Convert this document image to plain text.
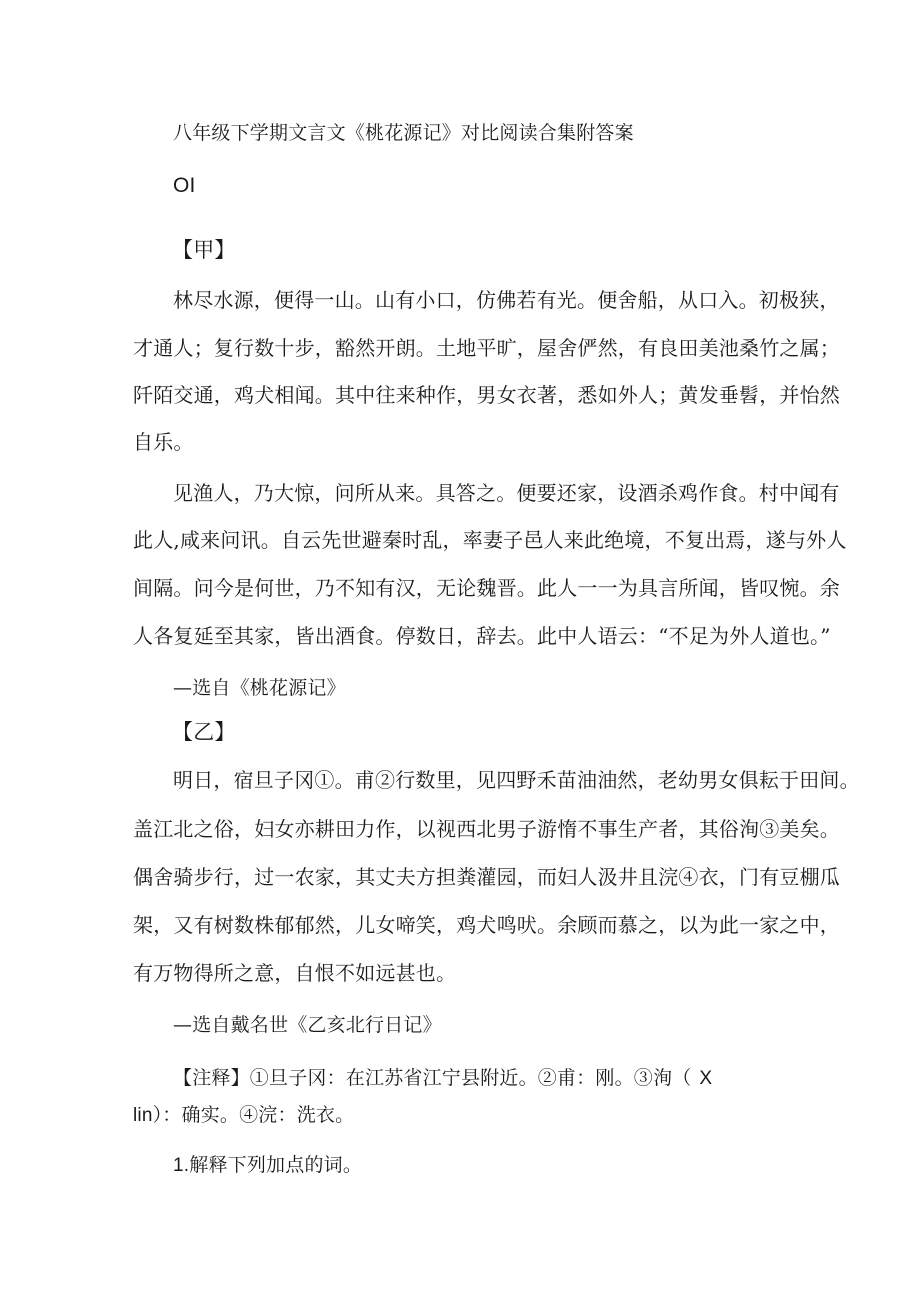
八年级下学期文言文《桃花源记》对比阅读合集附答案
OI
【甲】
林尽水源，便得一山。山有小口，仿佛若有光。便舍船，从口入。初极狭，
才通人；复行数十步，豁然开朗。土地平旷，屋舍俨然，有良田美池桑竹之属；
阡陌交通，鸡犬相闻。其中往来种作，男女衣著，悉如外人；黄发垂髫，并怡然
自乐。
见渔人，乃大惊，问所从来。具答之。便要还家，设酒杀鸡作食。村中闻有
此人,咸来问讯。自云先世避秦时乱，率妻子邑人来此绝境，不复出焉，遂与外人
间隔。问今是何世，乃不知有汉，无论魏晋。此人一一为具言所闻，皆叹惋。余
人各复延至其家，皆出酒食。停数日，辞去。此中人语云：“不足为外人道也。”
—选自《桃花源记》
【乙】
明日，宿旦子冈①。甫②行数里，见四野禾苗油油然，老幼男女俱耘于田间。
盖江北之俗，妇女亦耕田力作，以视西北男子游惰不事生产者，其俗洵③美矣。
偶舍骑步行，过一农家，其丈夫方担粪灌园，而妇人汲井且浣④衣，门有豆棚瓜
架，又有树数株郁郁然，儿女啼笑，鸡犬鸣吠。余顾而慕之，以为此一家之中，
有万物得所之意，自恨不如远甚也。
—选自戴名世《乙亥北行日记》
【注释】①旦子冈：在江苏省江宁县附近。②甫：刚。③洵（ X
lin）：确实。④浣：洗衣。
1.解释下列加点的词。
